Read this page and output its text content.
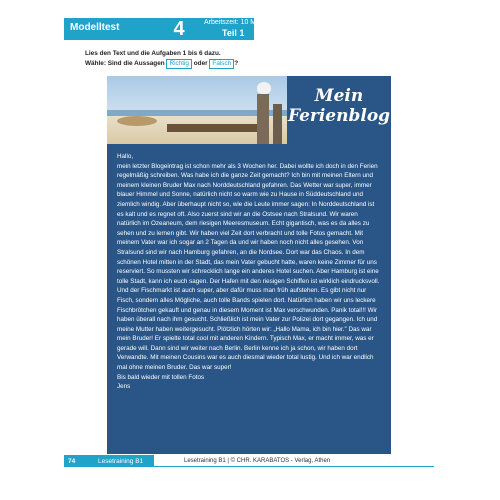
Modelltest	4	Arbeitszeit: 10 Minuten
Teil 1
Lies den Text und die Aufgaben 1 bis 6 dazu.
Wähle: Sind die Aussagen Richtig oder Falsch ?
Mein
Ferienblog
Hallo,
mein letzter Blogeintrag ist schon mehr als 3 Wochen her. Dabei wollte ich doch in den Ferien regelmäßig schreiben. Was habe ich die ganze Zeit gemacht? Ich bin mit meinen Eltern und meinem kleinen Bruder Max nach Norddeutschland gefahren. Das Wetter war super, immer blauer Himmel und Sonne, natürlich nicht so warm wie zu Hause in Süddeutschland und ziemlich windig. Aber überhaupt nicht so, wie die Leute immer sagen: In Norddeutschland ist es kalt und es regnet oft. Also zuerst sind wir an die Ostsee nach Stralsund. Wir waren natürlich im Ozeaneum, dem riesigen Meeresmuseum. Echt gigantisch, was es da alles zu sehen und zu lernen gibt. Wir haben viel Zeit dort verbracht und tolle Fotos gemacht. Mit meinem Vater war ich sogar an 2 Tagen da und wir haben noch nicht alles gesehen. Von Stralsund sind wir nach Hamburg gefahren, an die Nordsee. Dort war das Chaos. In dem schönen Hotel mitten in der Stadt, das mein Vater gebucht hatte, waren keine Zimmer für uns reserviert. So mussten wir schrecklich lange ein anderes Hotel suchen. Aber Hamburg ist eine tolle Stadt, kann ich euch sagen. Der Hafen mit den riesigen Schiffen ist wirklich eindrucksvoll. Und der Fischmarkt ist auch super, aber dafür muss man früh aufstehen. Es gibt nicht nur Fisch, sondern alles Mögliche, auch tolle Bands spielen dort. Natürlich haben wir uns leckere Fischbrötchen gekauft und genau in diesem Moment ist Max verschwunden. Panik total!!! Wir haben überall nach ihm gesucht. Schließlich ist mein Vater zur Polizei dort gegangen. Ich und meine Mutter haben weitergesucht. Plötzlich hörten wir: „Hallo Mama, ich bin hier." Das war mein Bruder! Er spielte total cool mit anderen Kindern. Typisch Max, er macht immer, was er gerade will. Dann sind wir weiter nach Berlin. Berlin kenne ich ja schon, wir haben dort Verwandte. Mit meinen Cousins war es auch diesmal wieder total lustig. Und ich war endlich mal ohne meinen Bruder. Das war super!
Bis bald wieder mit tollen Fotos
Jens
74	Lesetraining B1	Lesetraining B1 | © CHR. KARABATOS - Verlag, Athen
